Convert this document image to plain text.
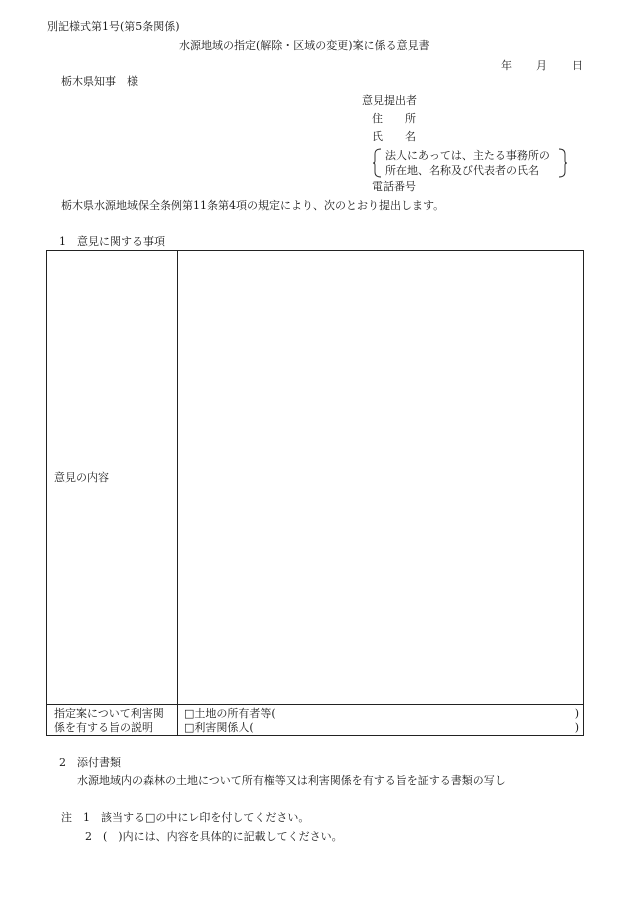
別記様式第1号(第5条関係)
水源地域の指定(解除・区域の変更)案に係る意見書
年 月 日
栃木県知事　様
意見提出者
住　　所
氏　　名
法人にあっては、主たる事務所の
所在地、名称及び代表者の氏名
電話番号
栃木県水源地域保全条例第11条第4項の規定により、次のとおり提出します。
1　意見に関する事項
意見の内容
指定案について利害関
係を有する旨の説明
□土地の所有者等(	)
□利害関係人(	)
2　添付書類
水源地域内の森林の土地について所有権等又は利害関係を有する旨を証する書類の写し
注　1　該当する□の中にレ印を付してください。
2　(　)内には、内容を具体的に記載してください。
